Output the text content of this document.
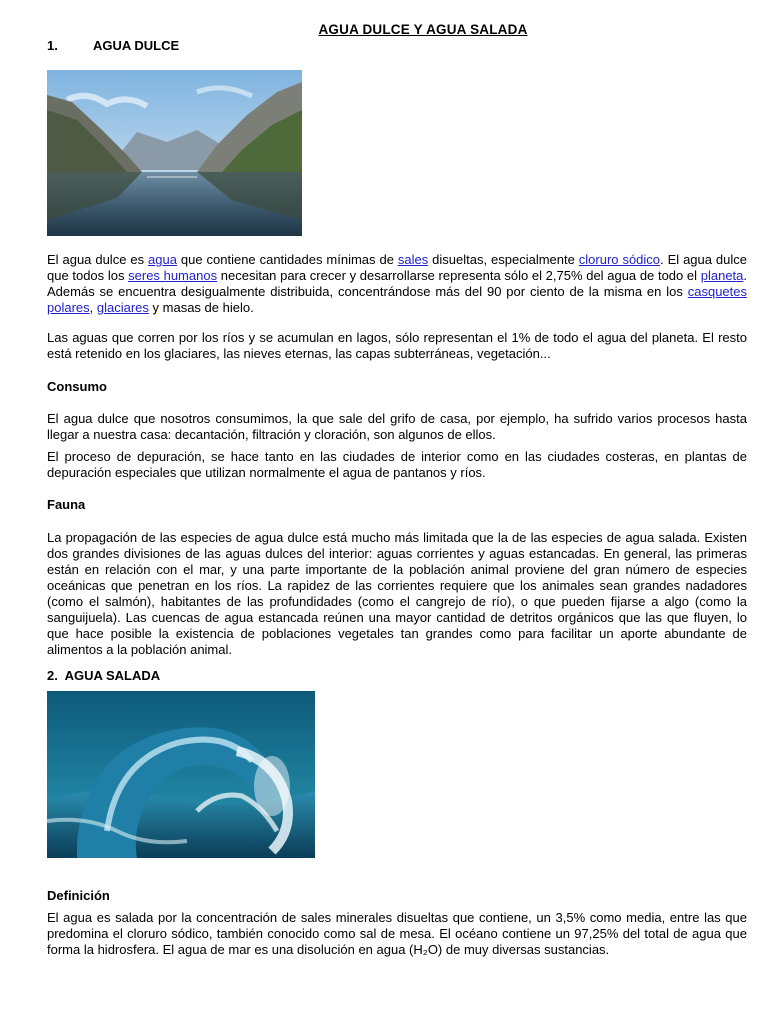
AGUA DULCE Y AGUA SALADA
1.	AGUA DULCE

El agua dulce es agua que contiene cantidades mínimas de sales disueltas, especialmente cloruro sódico. El agua dulce que todos los seres humanos necesitan para crecer y desarrollarse representa sólo el 2,75% del agua de todo el planeta. Además se encuentra desigualmente distribuida, concentrándose más del 90 por ciento de la misma en los casquetes polares, glaciares y masas de hielo.

Las aguas que corren por los ríos y se acumulan en lagos, sólo representan el 1% de todo el agua del planeta. El resto está retenido en los glaciares, las nieves eternas, las capas subterráneas, vegetación...

Consumo

El agua dulce que nosotros consumimos, la que sale del grifo de casa, por ejemplo, ha sufrido varios procesos hasta llegar a nuestra casa: decantación, filtración y cloración, son algunos de ellos.

El proceso de depuración, se hace tanto en las ciudades de interior como en las ciudades costeras, en plantas de depuración especiales que utilizan normalmente el agua de pantanos y ríos.

Fauna

La propagación de las especies de agua dulce está mucho más limitada que la de las especies de agua salada. Existen dos grandes divisiones de las aguas dulces del interior: aguas corrientes y aguas estancadas. En general, las primeras están en relación con el mar, y una parte importante de la población animal proviene del gran número de especies oceánicas que penetran en los ríos. La rapidez de las corrientes requiere que los animales sean grandes nadadores (como el salmón), habitantes de las profundidades (como el cangrejo de río), o que pueden fijarse a algo (como la sanguijuela). Las cuencas de agua estancada reúnen una mayor cantidad de detritos orgánicos que las que fluyen, lo que hace posible la existencia de poblaciones vegetales tan grandes como para facilitar un aporte abundante de alimentos a la población animal.

2.  AGUA SALADA
Definición

El agua es salada por la concentración de sales minerales disueltas que contiene, un 3,5% como media, entre las que predomina el cloruro sódico, también conocido como sal de mesa. El océano contiene un 97,25% del total de agua que forma la hidrosfera. El agua de mar es una disolución en agua (H₂O) de muy diversas sustancias.
